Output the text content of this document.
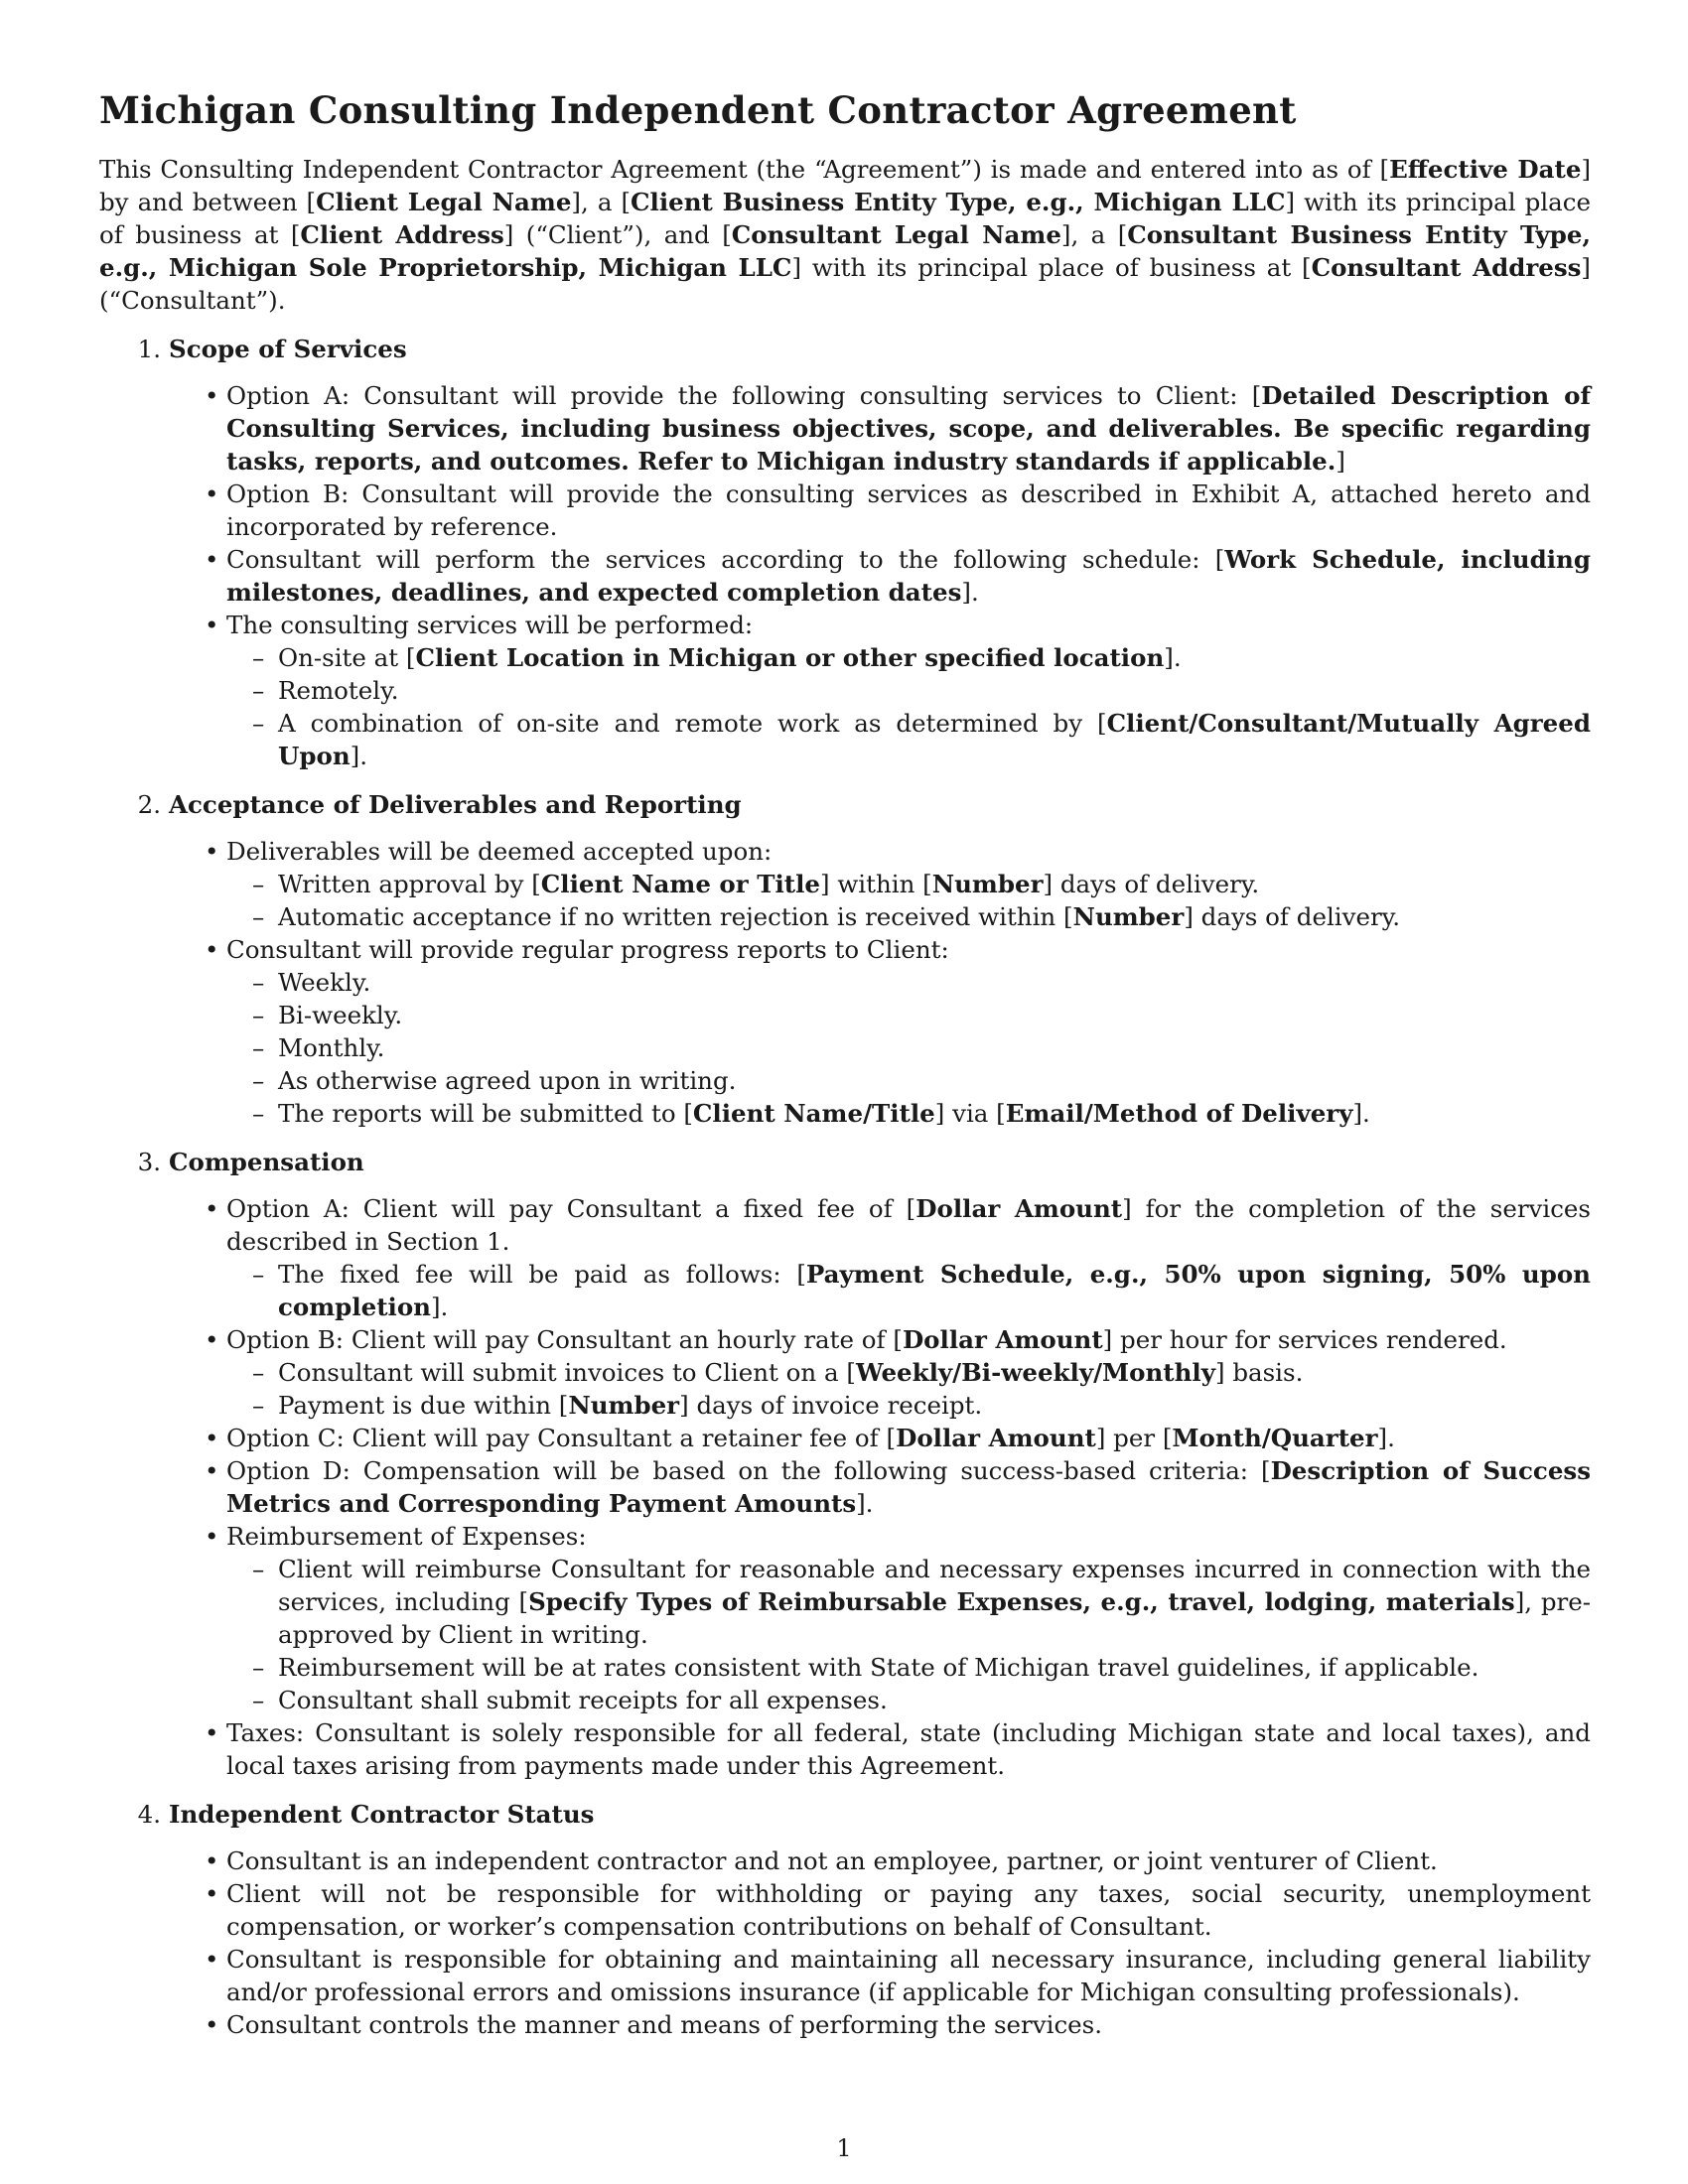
Michigan Consulting Independent Contractor Agreement

This Consulting Independent Contractor Agreement (the “Agreement”) is made and entered into as of [Effective Date] by and between [Client Legal Name], a [Client Business Entity Type, e.g., Michigan LLC] with its principal place of business at [Client Address] (“Client”), and [Consultant Legal Name], a [Consultant Business Entity Type, e.g., Michigan Sole Proprietorship, Michigan LLC] with its principal place of business at [Consultant Address] (“Consultant”).

1. Scope of Services
• Option A: Consultant will provide the following consulting services to Client: [Detailed Description of Consulting Services, including business objectives, scope, and deliverables. Be specific regarding tasks, reports, and outcomes. Refer to Michigan industry standards if applicable.]
• Option B: Consultant will provide the consulting services as described in Exhibit A, attached hereto and incorporated by reference.
• Consultant will perform the services according to the following schedule: [Work Schedule, including milestones, deadlines, and expected completion dates].
• The consulting services will be performed:
– On-site at [Client Location in Michigan or other specified location].
– Remotely.
– A combination of on-site and remote work as determined by [Client/Consultant/Mutually Agreed Upon].
2. Acceptance of Deliverables and Reporting
• Deliverables will be deemed accepted upon:
– Written approval by [Client Name or Title] within [Number] days of delivery.
– Automatic acceptance if no written rejection is received within [Number] days of delivery.
• Consultant will provide regular progress reports to Client:
– Weekly.
– Bi-weekly.
– Monthly.
– As otherwise agreed upon in writing.
– The reports will be submitted to [Client Name/Title] via [Email/Method of Delivery].
3. Compensation
• Option A: Client will pay Consultant a fixed fee of [Dollar Amount] for the completion of the services described in Section 1.
– The fixed fee will be paid as follows: [Payment Schedule, e.g., 50% upon signing, 50% upon completion].
• Option B: Client will pay Consultant an hourly rate of [Dollar Amount] per hour for services rendered.
– Consultant will submit invoices to Client on a [Weekly/Bi-weekly/Monthly] basis.
– Payment is due within [Number] days of invoice receipt.
• Option C: Client will pay Consultant a retainer fee of [Dollar Amount] per [Month/Quarter].
• Option D: Compensation will be based on the following success-based criteria: [Description of Success Metrics and Corresponding Payment Amounts].
• Reimbursement of Expenses:
– Client will reimburse Consultant for reasonable and necessary expenses incurred in connection with the services, including [Specify Types of Reimbursable Expenses, e.g., travel, lodging, materials], pre-approved by Client in writing.
– Reimbursement will be at rates consistent with State of Michigan travel guidelines, if applicable.
– Consultant shall submit receipts for all expenses.
• Taxes: Consultant is solely responsible for all federal, state (including Michigan state and local taxes), and local taxes arising from payments made under this Agreement.
4. Independent Contractor Status
• Consultant is an independent contractor and not an employee, partner, or joint venturer of Client.
• Client will not be responsible for withholding or paying any taxes, social security, unemployment compensation, or worker’s compensation contributions on behalf of Consultant.
• Consultant is responsible for obtaining and maintaining all necessary insurance, including general liability and/or professional errors and omissions insurance (if applicable for Michigan consulting professionals).
• Consultant controls the manner and means of performing the services.
1
